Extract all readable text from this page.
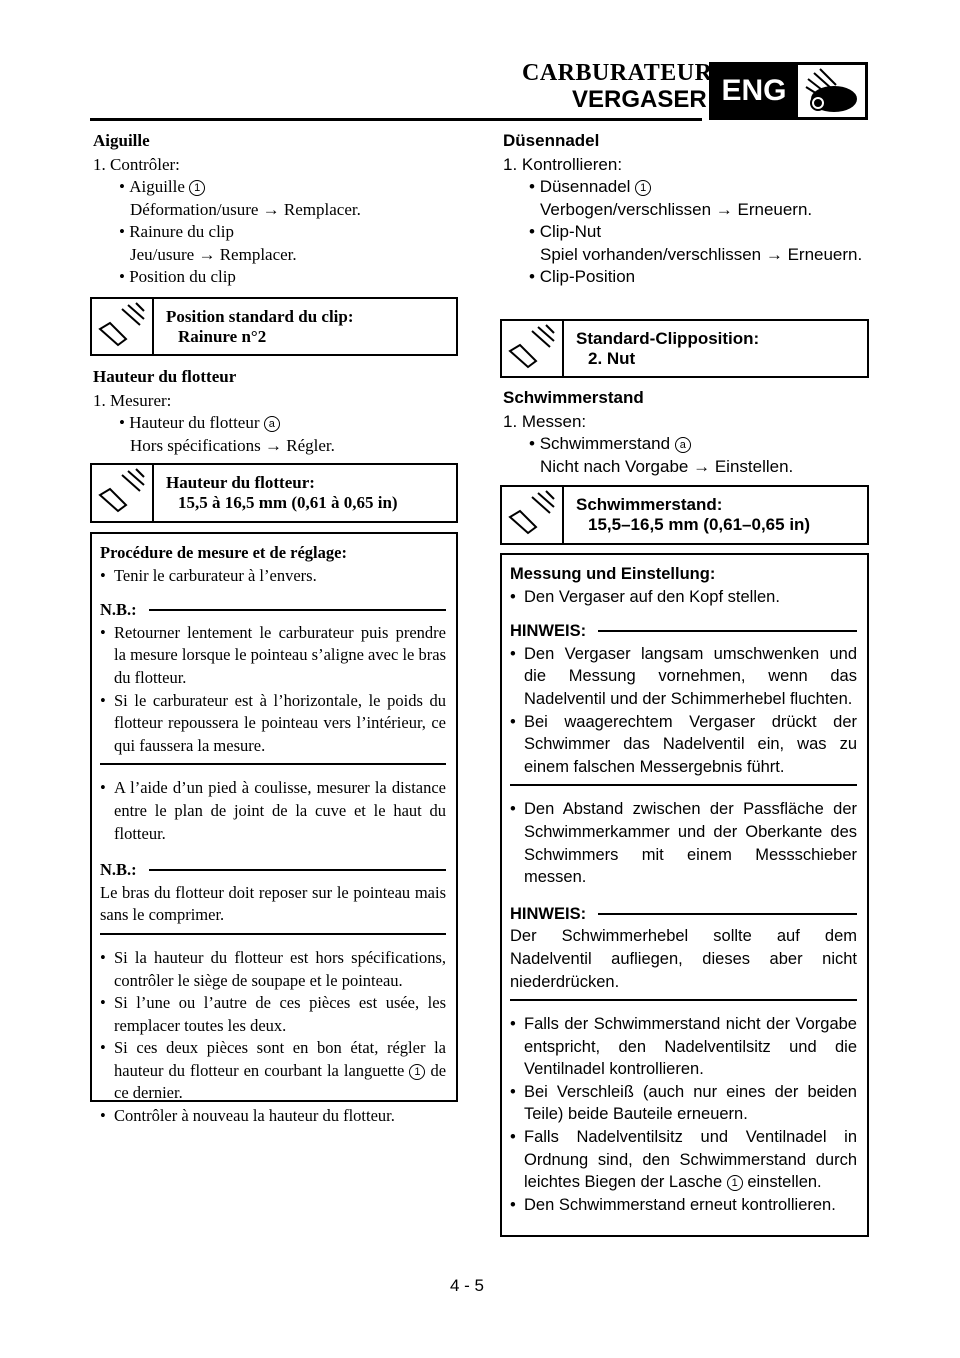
CARBURATEUR
VERGASER ENG
Aiguille
1. Contrôler:
• Aiguille 1
Déformation/usure → Remplacer.
• Rainure du clip
Jeu/usure → Remplacer.
• Position du clip
Position standard du clip:
Rainure n°2
Hauteur du flotteur
1. Mesurer:
• Hauteur du flotteur a
Hors spécifications → Régler.
Hauteur du flotteur:
15,5 à 16,5 mm (0,61 à 0,65 in)

Procédure de mesure et de réglage:

• Tenir le carburateur à l’envers.
N.B.:
• Retourner lentement le carburateur puis prendre la mesure lorsque le pointeau s’aligne avec le bras du flotteur.
• Si le carburateur est à l’horizontale, le poids du flotteur repoussera le pointeau vers l’intérieur, ce qui faussera la mesure.
• A l’aide d’un pied à coulisse, mesurer la distance entre le plan de joint de la cuve et le haut du flotteur.
N.B.:

Le bras du flotteur doit reposer sur le pointeau mais sans le comprimer.

• Si la hauteur du flotteur est hors spécifications, contrôler le siège de soupape et le pointeau.
• Si l’une ou l’autre de ces pièces est usée, les remplacer toutes les deux.
• Si ces deux pièces sont en bon état, régler la hauteur du flotteur en courbant la languette 1 de ce dernier.
• Contrôler à nouveau la hauteur du flotteur.
Düsennadel
1. Kontrollieren:
• Düsennadel 1
Verbogen/verschlissen → Erneuern.
• Clip-Nut
Spiel vorhanden/verschlissen → Erneuern.
• Clip-Position
Standard-Clipposition:
2. Nut
Schwimmerstand
1. Messen:
• Schwimmerstand a
Nicht nach Vorgabe → Einstellen.
Schwimmerstand:
15,5–16,5 mm (0,61–0,65 in)

Messung und Einstellung:

• Den Vergaser auf den Kopf stellen.
HINWEIS:
• Den Vergaser langsam umschwenken und die Messung vornehmen, wenn das Nadelventil und der Schimmerhebel fluchten.
• Bei waagerechtem Vergaser drückt der Schwimmer das Nadelventil ein, was zu einem falschen Messergebnis führt.
• Den Abstand zwischen der Passfläche der Schwimmerkammer und der Oberkante des Schwimmers mit einem Messschieber messen.
HINWEIS:

Der Schwimmerhebel sollte auf dem Nadelventil aufliegen, dieses aber nicht niederdrücken.

• Falls der Schwimmerstand nicht der Vorgabe entspricht, den Nadelventilsitz und die Ventilnadel kontrollieren.
• Bei Verschleiß (auch nur eines der beiden Teile) beide Bauteile erneuern.
• Falls Nadelventilsitz und Ventilnadel in Ordnung sind, den Schwimmerstand durch leichtes Biegen der Lasche 1 einstellen.
• Den Schwimmerstand erneut kontrollieren.
4 - 5
